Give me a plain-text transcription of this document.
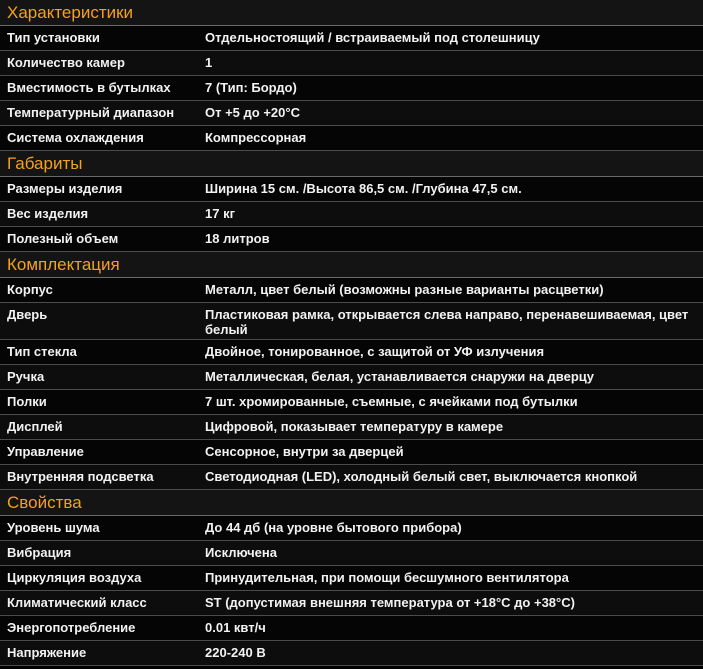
Характеристики
Тип установки	Отдельностоящий / встраиваемый под столешницу
Количество камер	1
Вместимость в бутылках	7 (Тип: Бордо)
Температурный диапазон	От +5 до +20°С
Система охлаждения	Компрессорная
Габариты
Размеры изделия	Ширина 15 см. /Высота 86,5 см. /Глубина 47,5 см.
Вес изделия	17 кг
Полезный объем	18 литров
Комплектация
Корпус	Металл, цвет белый (возможны разные варианты расцветки)
Дверь	Пластиковая рамка, открывается слева направо, перенавешиваемая, цвет белый
Тип стекла	Двойное, тонированное, с защитой от УФ излучения
Ручка	Металлическая, белая, устанавливается снаружи на дверцу
Полки	7 шт. хромированные, съемные, с ячейками под бутылки
Дисплей	Цифровой, показывает температуру в камере
Управление	Сенсорное, внутри за дверцей
Внутренняя подсветка	Светодиодная (LED), холодный белый свет, выключается кнопкой
Свойства
Уровень шума	До 44 дб (на уровне бытового прибора)
Вибрация	Исключена
Циркуляция воздуха	Принудительная, при помощи бесшумного вентилятора
Климатический класс	ST (допустимая внешняя температура от +18°С до +38°С)
Энергопотребление	0.01 квт/ч
Напряжение	220-240 В
